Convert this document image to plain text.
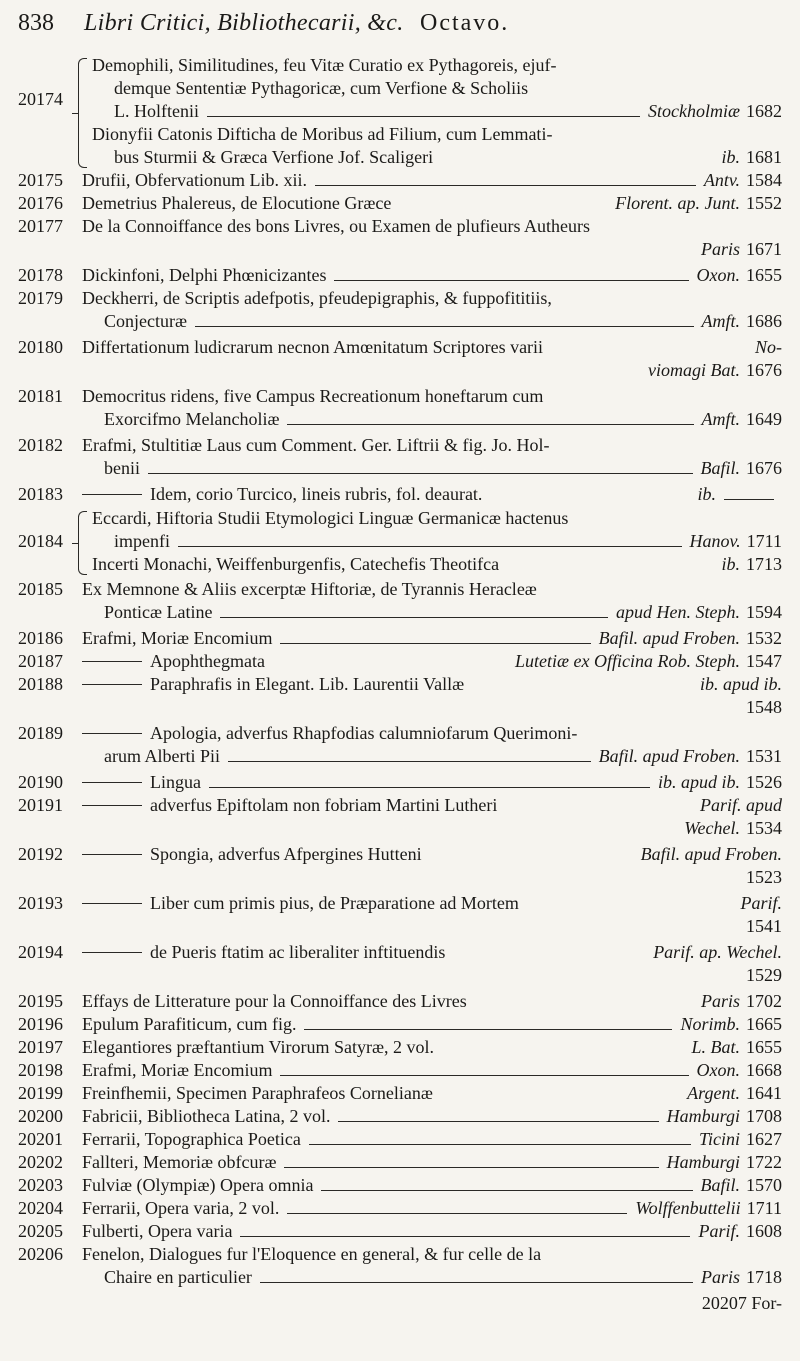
838 Libri Critici, Bibliothecarii, &c. Octavo.
20174
Demophili, Similitudines, feu Vitæ Curatio ex Pythagoreis, ejuf-
demque Sententiæ Pythagoricæ, cum Verfione & Scholiis
L. Holftenii	Stockholmiæ 1682
Dionyfii Catonis Difticha de Moribus ad Filium, cum Lemmati-
bus Sturmii & Græca Verfione Jof. Scaligeri	ib. 1681
20175	Drufii, Obfervationum Lib. xii.	Antv. 1584
20176	Demetrius Phalereus, de Elocutione Græce	Florent. ap. Junt. 1552
20177	De la Connoiffance des bons Livres, ou Examen de plufieurs Autheurs
Paris 1671
20178	Dickinfoni, Delphi Phœnicizantes	Oxon. 1655
20179	Deckherri, de Scriptis adefpotis, pfeudepigraphis, & fuppofititiis,
Conjecturæ	Amft. 1686
20180	Differtationum ludicrarum necnon Amœnitatum Scriptores varii	No-
viomagi Bat. 1676
20181	Democritus ridens, five Campus Recreationum honeftarum cum
Exorcifmo Melancholiæ	Amft. 1649
20182	Erafmi, Stultitiæ Laus cum Comment. Ger. Liftrii & fig. Jo. Hol-
benii	Bafil. 1676
20183	Idem, corio Turcico, lineis rubris, fol. deaurat.	ib.
20184
Eccardi, Hiftoria Studii Etymologici Linguæ Germanicæ hactenus
impenfi	Hanov. 1711
Incerti Monachi, Weiffenburgenfis, Catechefis Theotifca	ib. 1713
20185	Ex Memnone & Aliis excerptæ Hiftoriæ, de Tyrannis Heracleæ
Ponticæ Latine	apud Hen. Steph. 1594
20186	Erafmi, Moriæ Encomium	Bafil. apud Froben. 1532
20187	Apophthegmata	Lutetiæ ex Officina Rob. Steph. 1547
20188	Paraphrafis in Elegant. Lib. Laurentii Vallæ	ib. apud ib.
1548
20189	Apologia, adverfus Rhapfodias calumniofarum Querimoni-
arum Alberti Pii	Bafil. apud Froben. 1531
20190	Lingua	ib. apud ib. 1526
20191	adverfus Epiftolam non fobriam Martini Lutheri	Parif. apud
Wechel. 1534
20192	Spongia, adverfus Afpergines Hutteni	Bafil. apud Froben.
1523
20193	Liber cum primis pius, de Præparatione ad Mortem	Parif.
1541
20194	de Pueris ftatim ac liberaliter inftituendis	Parif. ap. Wechel.
1529
20195	Effays de Litterature pour la Connoiffance des Livres	Paris 1702
20196	Epulum Parafiticum, cum fig.	Norimb. 1665
20197	Elegantiores præftantium Virorum Satyræ, 2 vol.	L. Bat. 1655
20198	Erafmi, Moriæ Encomium	Oxon. 1668
20199	Freinfhemii, Specimen Paraphrafeos Cornelianæ	Argent. 1641
20200	Fabricii, Bibliotheca Latina, 2 vol.	Hamburgi 1708
20201	Ferrarii, Topographica Poetica	Ticini 1627
20202	Fallteri, Memoriæ obfcuræ	Hamburgi 1722
20203	Fulviæ (Olympiæ) Opera omnia	Bafil. 1570
20204	Ferrarii, Opera varia, 2 vol.	Wolffenbuttelii 1711
20205	Fulberti, Opera varia	Parif. 1608
20206	Fenelon, Dialogues fur l'Eloquence en general, & fur celle de la
Chaire en particulier	Paris 1718
20207 For-
